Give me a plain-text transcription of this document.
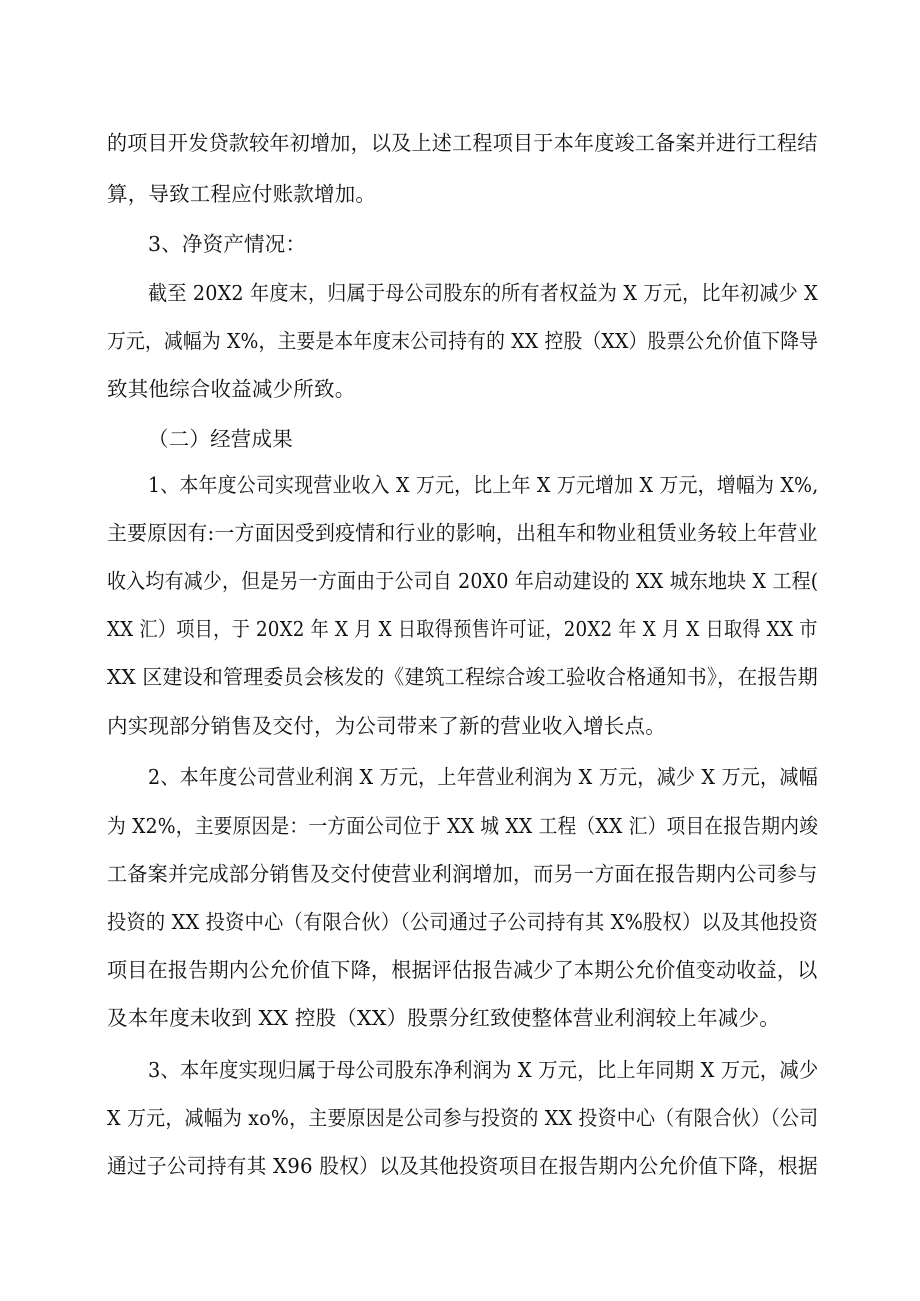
的项目开发贷款较年初增加，以及上述工程项目于本年度竣工备案并进行工程结
算，导致工程应付账款增加。
3、净资产情况：
截至 20X2 年度末，归属于母公司股东的所有者权益为 X 万元，比年初减少 X
万元，减幅为 X%，主要是本年度末公司持有的 XX 控股（XX）股票公允价值下降导
致其他综合收益减少所致。
（二）经营成果
1、本年度公司实现营业收入 X 万元，比上年 X 万元增加 X 万元，增幅为 X%,
主要原因有:一方面因受到疫情和行业的影响，出租车和物业租赁业务较上年营业
收入均有减少，但是另一方面由于公司自 20X0 年启动建设的 XX 城东地块 X 工程(
XX 汇）项目，于 20X2 年 X 月 X 日取得预售许可证，20X2 年 X 月 X 日取得 XX 市
XX 区建设和管理委员会核发的《建筑工程综合竣工验收合格通知书》，在报告期
内实现部分销售及交付，为公司带来了新的营业收入增长点。
2、本年度公司营业利润 X 万元，上年营业利润为 X 万元，减少 X 万元，减幅
为 X2%，主要原因是：一方面公司位于 XX 城 XX 工程（XX 汇）项目在报告期内竣
工备案并完成部分销售及交付使营业利润增加，而另一方面在报告期内公司参与
投资的 XX 投资中心（有限合伙）（公司通过子公司持有其 X%股权）以及其他投资
项目在报告期内公允价值下降，根据评估报告减少了本期公允价值变动收益，以
及本年度未收到 XX 控股（XX）股票分红致使整体营业利润较上年减少。
3、本年度实现归属于母公司股东净利润为 X 万元，比上年同期 X 万元，减少
X 万元，减幅为 xo%，主要原因是公司参与投资的 XX 投资中心（有限合伙）（公司
通过子公司持有其 X96 股权）以及其他投资项目在报告期内公允价值下降，根据
